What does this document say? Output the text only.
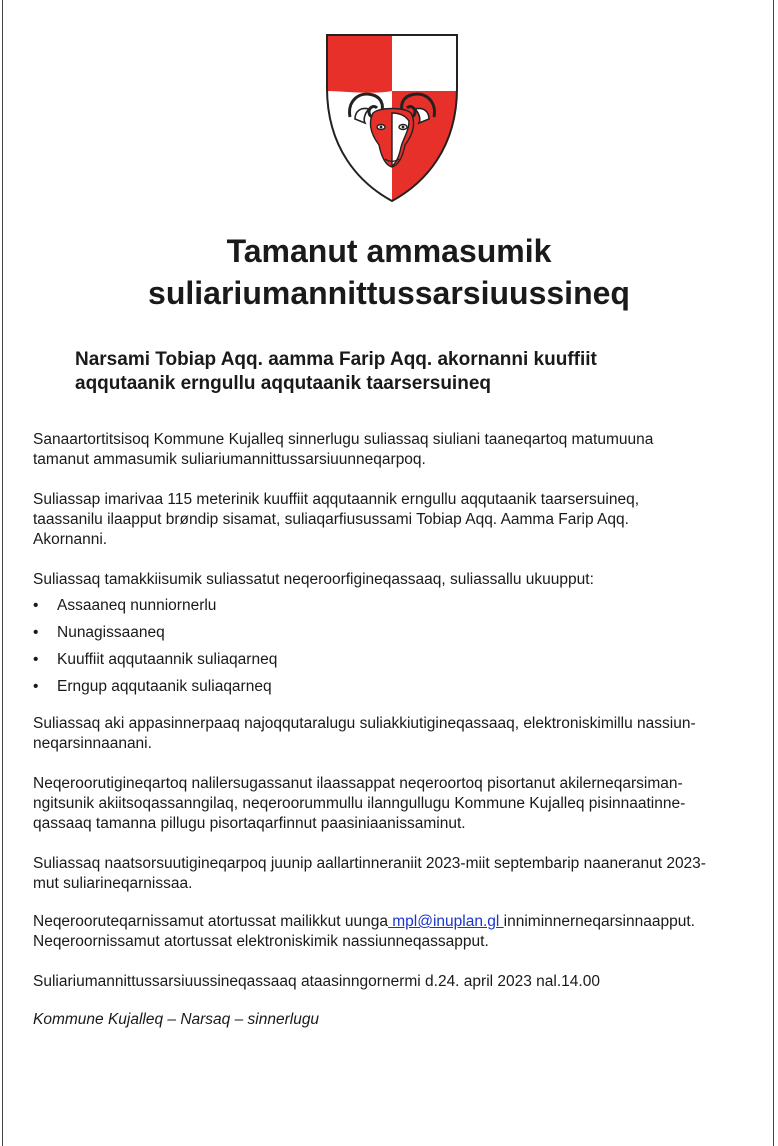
Tamanut ammasumik
suliariumannittussarsiuussineq
Narsami Tobiap Aqq. aamma Farip Aqq. akornanni kuuffiit
aqqutaanik erngullu aqqutaanik taarsersuineq

Sanaartortitsisoq Kommune Kujalleq sinnerlugu suliassaq siuliani taaneqartoq matumuuna
tamanut ammasumik suliariumannittussarsiuunneqarpoq.

Suliassap imarivaa 115 meterinik kuuffiit aqqutaannik erngullu aqqutaanik taarsersuineq,
taassanilu ilaapput brøndip sisamat, suliaqarfiusussami Tobiap Aqq. Aamma Farip Aqq.
Akornanni.

Suliassaq tamakkiisumik suliassatut neqeroorfigineqassaaq, suliassallu ukuupput:

• Assaaneq nunniornerlu
• Nunagissaaneq
• Kuuffiit aqqutaannik suliaqarneq
• Erngup aqqutaanik suliaqarneq

Suliassaq aki appasinnerpaaq najoqqutaralugu suliakkiutigineqassaaq, elektroniskimillu nassiun-
neqarsinnaanani.

Neqeroorutigineqartoq nalilersugassanut ilaassappat neqeroortoq pisortanut akilerneqarsiman-
ngitsunik akiitsoqassanngilaq, neqeroorummullu ilanngullugu Kommune Kujalleq pisinnaatinne-
qassaaq tamanna pillugu pisortaqarfinnut paasiniaanissaminut.

Suliassaq naatsorsuutigineqarpoq juunip aallartinneraniit 2023-miit septembarip naaneranut 2023-
mut suliarineqarnissaa.

Neqerooruteqarnissamut atortussat mailikkut uunga mpl@inuplan.gl inniminnerneqarsinnaapput.
Neqeroornissamut atortussat elektroniskimik nassiunneqassapput.

Suliariumannittussarsiuussineqassaaq ataasinngornermi d.24. april 2023 nal.14.00

Kommune Kujalleq – Narsaq – sinnerlugu
